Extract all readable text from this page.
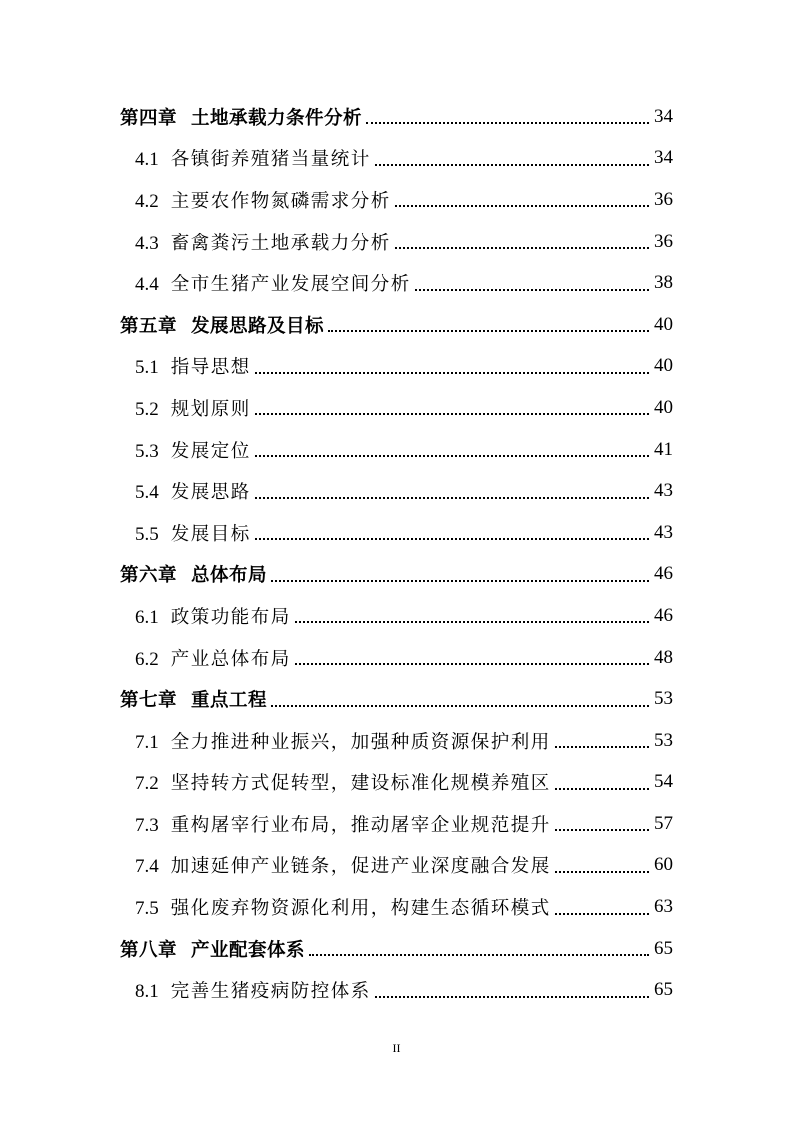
第四章 土地承载力条件分析	34
4.1 各镇街养殖猪当量统计	34
4.2 主要农作物氮磷需求分析	36
4.3 畜禽粪污土地承载力分析	36
4.4 全市生猪产业发展空间分析	38
第五章 发展思路及目标	40
5.1 指导思想	40
5.2 规划原则	40
5.3 发展定位	41
5.4 发展思路	43
5.5 发展目标	43
第六章 总体布局	46
6.1 政策功能布局	46
6.2 产业总体布局	48
第七章 重点工程	53
7.1 全力推进种业振兴，加强种质资源保护利用	53
7.2 坚持转方式促转型，建设标准化规模养殖区	54
7.3 重构屠宰行业布局，推动屠宰企业规范提升	57
7.4 加速延伸产业链条，促进产业深度融合发展	60
7.5 强化废弃物资源化利用，构建生态循环模式	63
第八章 产业配套体系	65
8.1 完善生猪疫病防控体系	65
II
